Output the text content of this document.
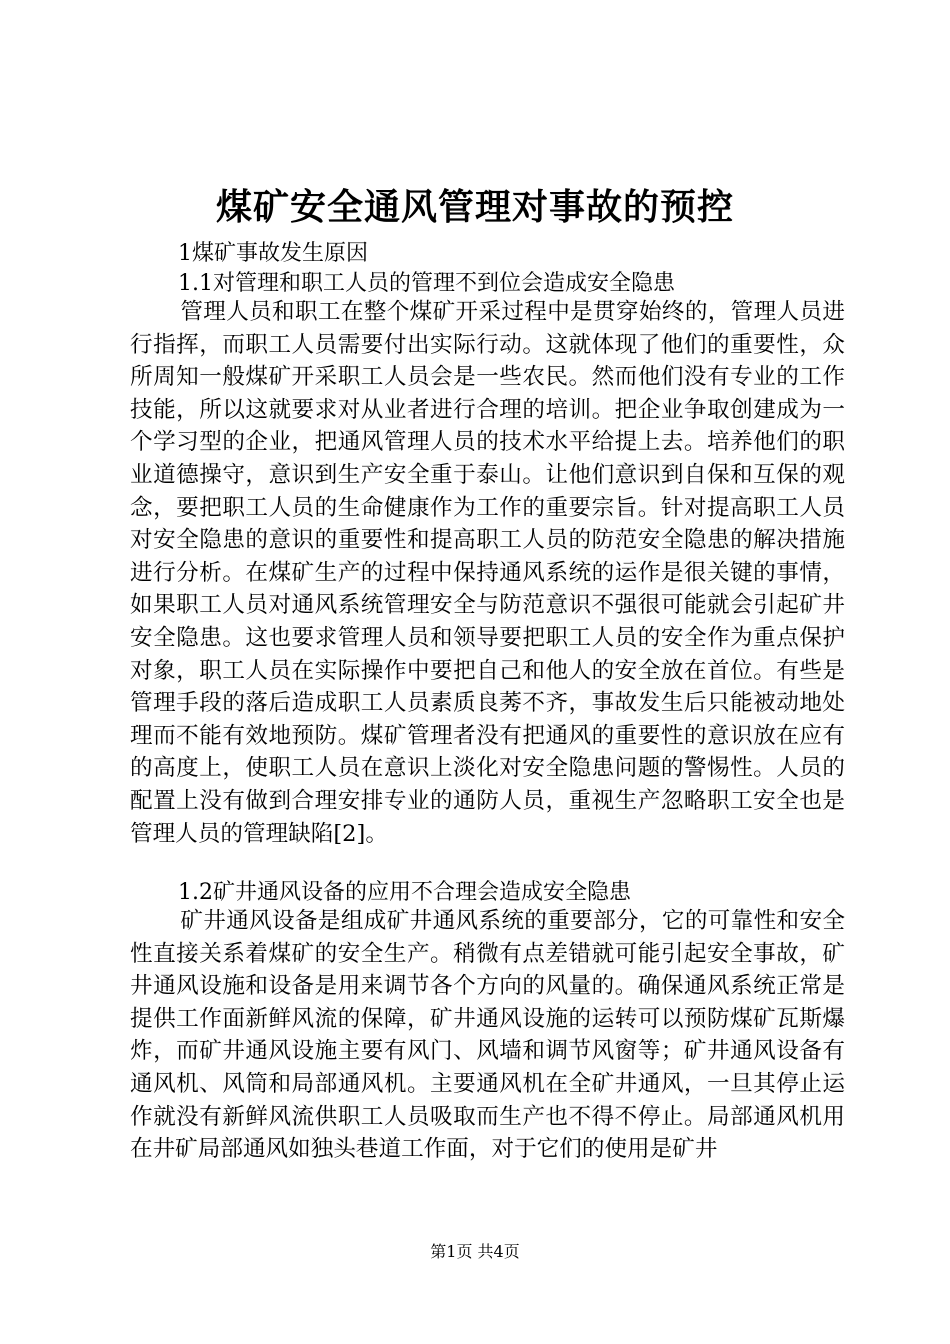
煤矿安全通风管理对事故的预控
1煤矿事故发生原因
1.1对管理和职工人员的管理不到位会造成安全隐患
管理人员和职工在整个煤矿开采过程中是贯穿始终的，管理人员进行指挥，而职工人员需要付出实际行动。这就体现了他们的重要性，众所周知一般煤矿开采职工人员会是一些农民。然而他们没有专业的工作技能，所以这就要求对从业者进行合理的培训。把企业争取创建成为一个学习型的企业，把通风管理人员的技术水平给提上去。培养他们的职业道德操守，意识到生产安全重于泰山。让他们意识到自保和互保的观念，要把职工人员的生命健康作为工作的重要宗旨。针对提高职工人员对安全隐患的意识的重要性和提高职工人员的防范安全隐患的解决措施进行分析。在煤矿生产的过程中保持通风系统的运作是很关键的事情，如果职工人员对通风系统管理安全与防范意识不强很可能就会引起矿井安全隐患。这也要求管理人员和领导要把职工人员的安全作为重点保护对象，职工人员在实际操作中要把自己和他人的安全放在首位。有些是管理手段的落后造成职工人员素质良莠不齐，事故发生后只能被动地处理而不能有效地预防。煤矿管理者没有把通风的重要性的意识放在应有的高度上，使职工人员在意识上淡化对安全隐患问题的警惕性。人员的配置上没有做到合理安排专业的通防人员，重视生产忽略职工安全也是管理人员的管理缺陷[2]。
1.2矿井通风设备的应用不合理会造成安全隐患
矿井通风设备是组成矿井通风系统的重要部分，它的可靠性和安全性直接关系着煤矿的安全生产。稍微有点差错就可能引起安全事故，矿井通风设施和设备是用来调节各个方向的风量的。确保通风系统正常是提供工作面新鲜风流的保障，矿井通风设施的运转可以预防煤矿瓦斯爆炸，而矿井通风设施主要有风门、风墙和调节风窗等；矿井通风设备有通风机、风筒和局部通风机。主要通风机在全矿井通风，一旦其停止运作就没有新鲜风流供职工人员吸取而生产也不得不停止。局部通风机用在井矿局部通风如独头巷道工作面，对于它们的使用是矿井
第1页 共4页
